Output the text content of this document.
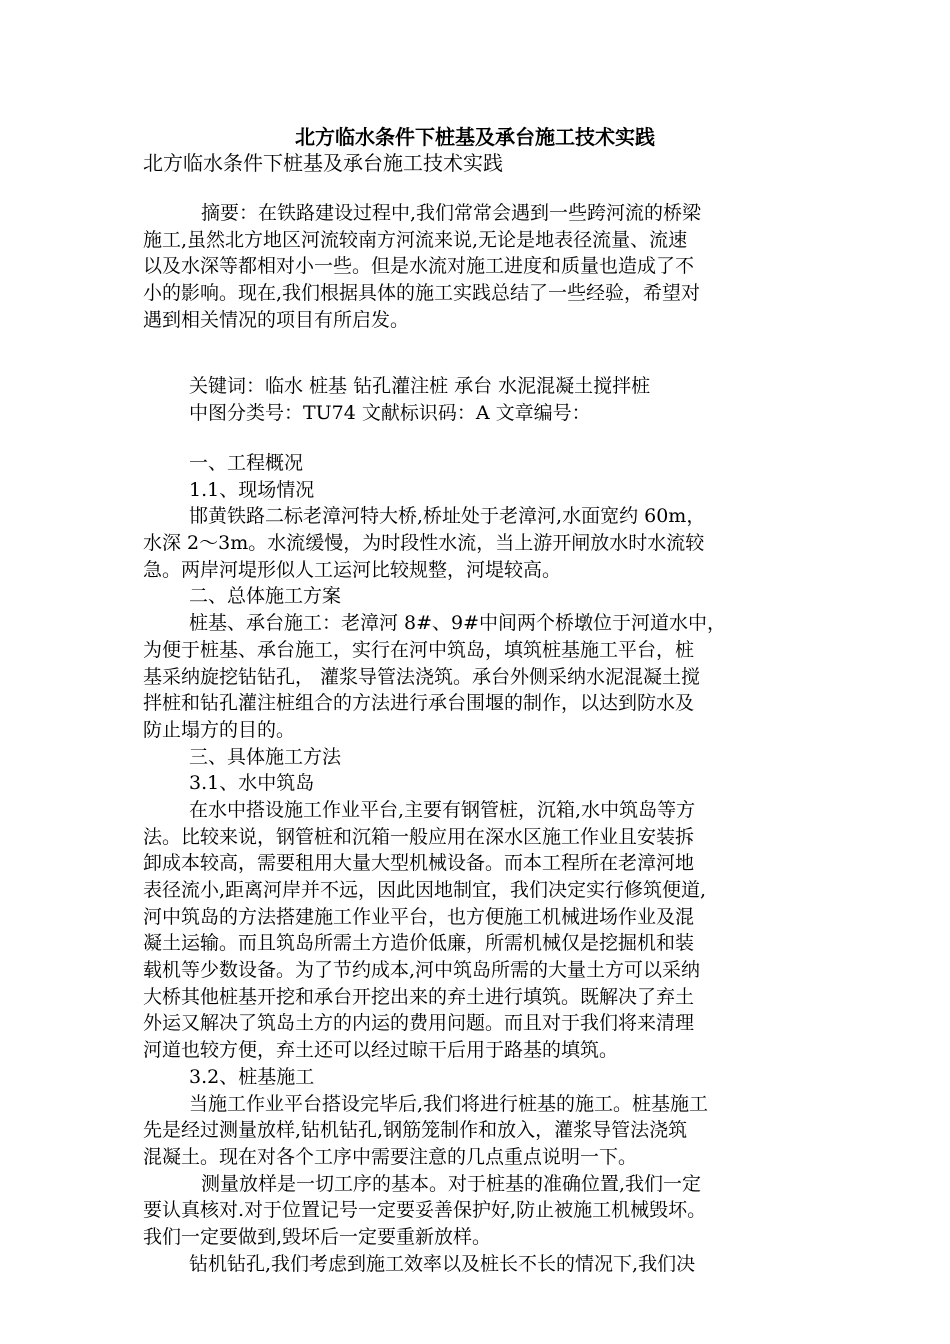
北方临水条件下桩基及承台施工技术实践
北方临水条件下桩基及承台施工技术实践
摘要：在铁路建设过程中,我们常常会遇到一些跨河流的桥梁
施工,虽然北方地区河流较南方河流来说,无论是地表径流量、流速
以及水深等都相对小一些。但是水流对施工进度和质量也造成了不
小的影响。现在,我们根据具体的施工实践总结了一些经验，希望对
遇到相关情况的项目有所启发。
关键词：临水 桩基 钻孔灌注桩 承台 水泥混凝土搅拌桩
中图分类号：TU74 文献标识码：A 文章编号：
一、工程概况
1.1、现场情况
邯黄铁路二标老漳河特大桥,桥址处于老漳河,水面宽约 60m，
水深 2～3m。水流缓慢，为时段性水流，当上游开闸放水时水流较
急。两岸河堤形似人工运河比较规整，河堤较高。
二、总体施工方案
桩基、承台施工：老漳河 8#、9#中间两个桥墩位于河道水中，
为便于桩基、承台施工，实行在河中筑岛，填筑桩基施工平台，桩
基采纳旋挖钻钻孔， 灌浆导管法浇筑。承台外侧采纳水泥混凝土搅
拌桩和钻孔灌注桩组合的方法进行承台围堰的制作，以达到防水及
防止塌方的目的。
三、具体施工方法
3.1、水中筑岛
在水中搭设施工作业平台,主要有钢管桩，沉箱,水中筑岛等方
法。比较来说，钢管桩和沉箱一般应用在深水区施工作业且安装拆
卸成本较高，需要租用大量大型机械设备。而本工程所在老漳河地
表径流小,距离河岸并不远，因此因地制宜，我们决定实行修筑便道,
河中筑岛的方法搭建施工作业平台，也方便施工机械进场作业及混
凝土运输。而且筑岛所需土方造价低廉，所需机械仅是挖掘机和装
载机等少数设备。为了节约成本,河中筑岛所需的大量土方可以采纳
大桥其他桩基开挖和承台开挖出来的弃土进行填筑。既解决了弃土
外运又解决了筑岛土方的内运的费用问题。而且对于我们将来清理
河道也较方便，弃土还可以经过晾干后用于路基的填筑。
3.2、桩基施工
当施工作业平台搭设完毕后,我们将进行桩基的施工。桩基施工
先是经过测量放样,钻机钻孔,钢筋笼制作和放入，灌浆导管法浇筑
混凝土。现在对各个工序中需要注意的几点重点说明一下。
测量放样是一切工序的基本。对于桩基的准确位置,我们一定
要认真核对.对于位置记号一定要妥善保护好,防止被施工机械毁坏。
我们一定要做到,毁坏后一定要重新放样。
钻机钻孔,我们考虑到施工效率以及桩长不长的情况下,我们决
